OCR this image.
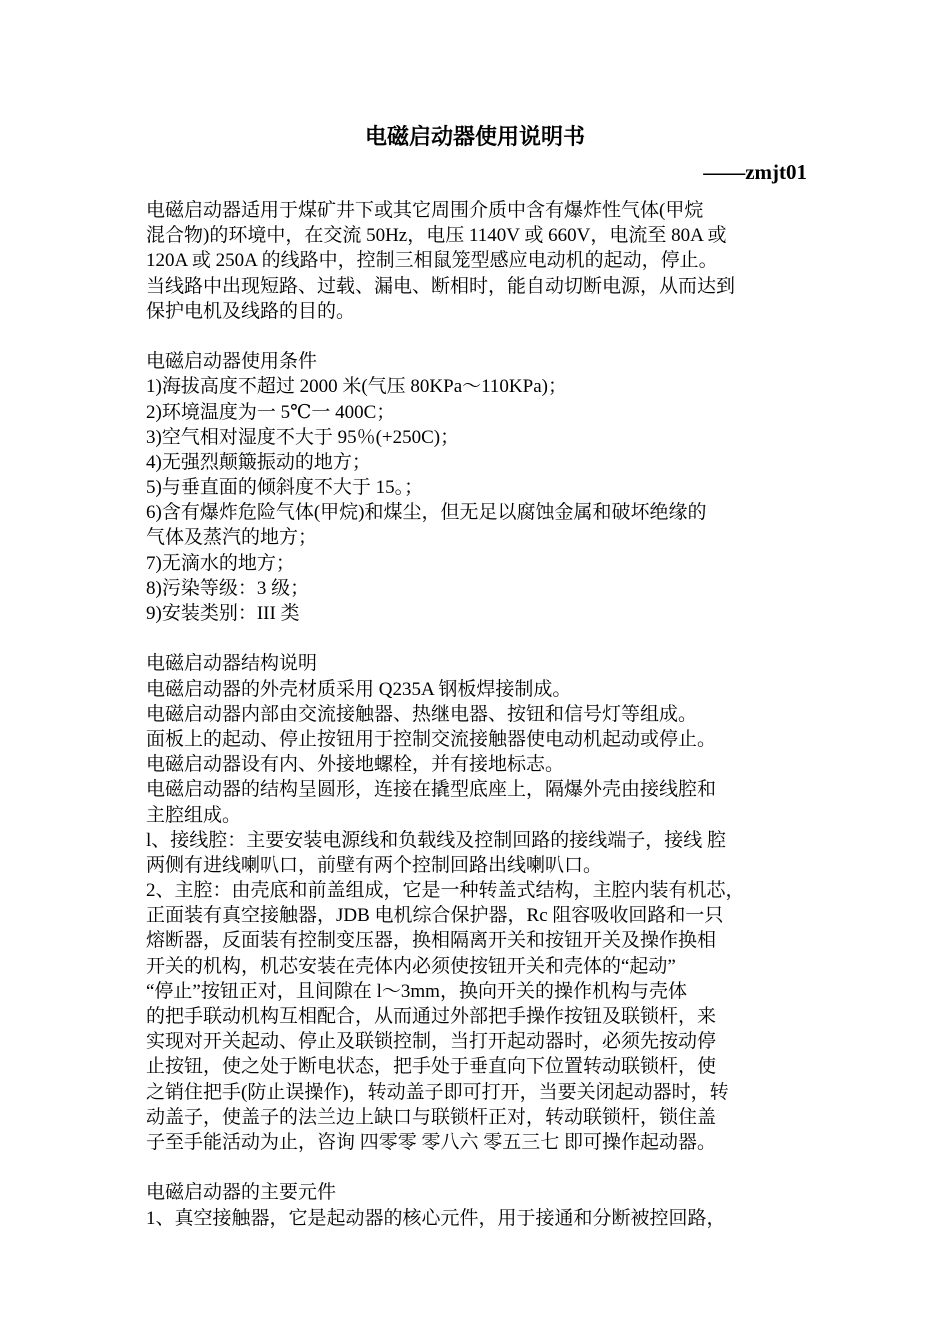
电磁启动器使用说明书
——zmjt01
电磁启动器适用于煤矿井下或其它周围介质中含有爆炸性气体(甲烷
混合物)的环境中，在交流 50Hz，电压 1140V 或 660V，电流至 80A 或
120A 或 250A 的线路中，控制三相鼠笼型感应电动机的起动，停止。
当线路中出现短路、过载、漏电、断相时，能自动切断电源，从而达到
保护电机及线路的目的。
电磁启动器使用条件
1)海拔高度不超过 2000 米(气压 80KPa～110KPa)；
2)环境温度为一 5℃一 400C；
3)空气相对湿度不大于 95％(+250C)；
4)无强烈颠簸振动的地方；
5)与垂直面的倾斜度不大于 15。；
6)含有爆炸危险气体(甲烷)和煤尘，但无足以腐蚀金属和破坏绝缘的
气体及蒸汽的地方；
7)无滴水的地方；
8)污染等级：3 级；
9)安装类别：III 类
电磁启动器结构说明
电磁启动器的外壳材质采用 Q235A 钢板焊接制成。
电磁启动器内部由交流接触器、热继电器、按钮和信号灯等组成。
面板上的起动、停止按钮用于控制交流接触器使电动机起动或停止。
电磁启动器设有内、外接地螺栓，并有接地标志。
电磁启动器的结构呈圆形，连接在撬型底座上，隔爆外壳由接线腔和
主腔组成。
l、接线腔：主要安装电源线和负载线及控制回路的接线端子，接线 腔
两侧有进线喇叭口，前壁有两个控制回路出线喇叭口。
2、主腔：由壳底和前盖组成，它是一种转盖式结构，主腔内装有机芯，
正面装有真空接触器，JDB 电机综合保护器，Rc 阻容吸收回路和一只
熔断器，反面装有控制变压器，换相隔离开关和按钮开关及操作换相
开关的机构，机芯安装在壳体内必须使按钮开关和壳体的“起动”
“停止”按钮正对，且间隙在 l～3mm，换向开关的操作机构与壳体
的把手联动机构互相配合，从而通过外部把手操作按钮及联锁杆，来
实现对开关起动、停止及联锁控制，当打开起动器时，必须先按动停
止按钮，使之处于断电状态，把手处于垂直向下位置转动联锁杆，使
之销住把手(防止误操作)，转动盖子即可打开，当要关闭起动器时，转
动盖子，使盖子的法兰边上缺口与联锁杆正对，转动联锁杆，锁住盖
子至手能活动为止，咨询 四零零 零八六 零五三七 即可操作起动器。
电磁启动器的主要元件
1、真空接触器，它是起动器的核心元件，用于接通和分断被控回路，
